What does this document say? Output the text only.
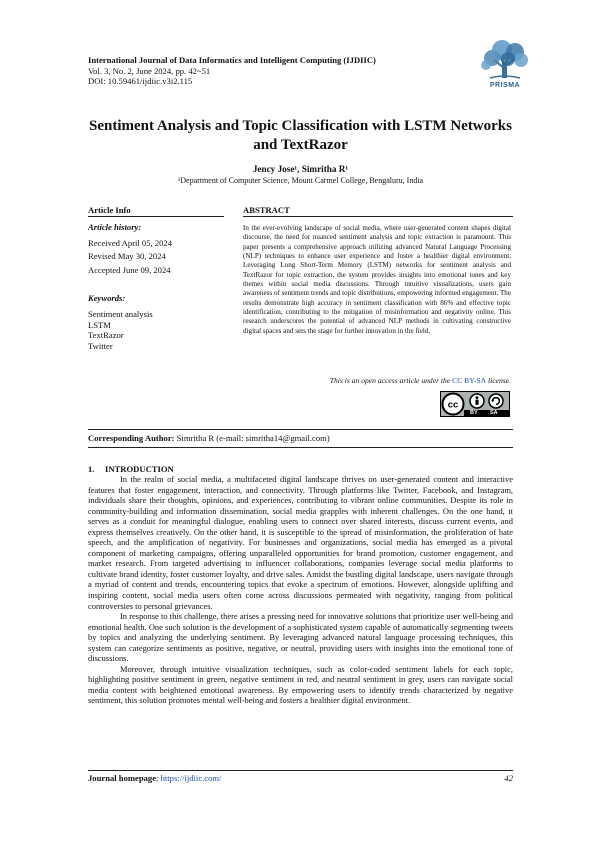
International Journal of Data Informatics and Intelligent Computing (IJDIIC)
Vol. 3, No. 2, June 2024, pp. 42~51
DOI: 10.59461/ijdiic.v3i2.115	PRISMA
Sentiment Analysis and Topic Classification with LSTM Networks and TextRazor
Jency Jose¹, Simritha R¹
¹Department of Computer Science, Mount Carmel College, Bengaluru, India
Article Info	ABSTRACT
Article history:
Received April 05, 2024
Revised May 30, 2024
Accepted June 09, 2024
Keywords:
Sentiment analysis
LSTM
TextRazor
Twitter
In the ever-evolving landscape of social media, where user-generated content shapes digital discourse, the need for nuanced sentiment analysis and topic extraction is paramount. This paper presents a comprehensive approach utilizing advanced Natural Language Processing (NLP) techniques to enhance user experience and foster a healthier digital environment. Leveraging Long Short-Term Memory (LSTM) networks for sentiment analysis and TextRazor for topic extraction, the system provides insights into emotional tones and key themes within social media discussions. Through intuitive visualizations, users gain awareness of sentiment trends and topic distributions, empowering informed engagement. The results demonstrate high accuracy in sentiment classification with 86% and effective topic identification, contributing to the mitigation of misinformation and negativity online. This research underscores the potential of advanced NLP methods in cultivating constructive digital spaces and sets the stage for further innovation in the field.
This is an open access article under the CC BY-SA license.
cc
BY SA
Corresponding Author: Simritha R (e-mail: simritha14@gmail.com)
1. INTRODUCTION

In the realm of social media, a multifaceted digital landscape thrives on user-generated content and interactive features that foster engagement, interaction, and connectivity. Through platforms like Twitter, Facebook, and Instagram, individuals share their thoughts, opinions, and experiences, contributing to vibrant online communities. Despite its role in community-building and information dissemination, social media grapples with inherent challenges. On the one hand, it serves as a conduit for meaningful dialogue, enabling users to connect over shared interests, discuss current events, and express themselves creatively. On the other hand, it is susceptible to the spread of misinformation, the proliferation of hate speech, and the amplification of negativity. For businesses and organizations, social media has emerged as a pivotal component of marketing campaigns, offering unparalleled opportunities for brand promotion, customer engagement, and market research. From targeted advertising to influencer collaborations, companies leverage social media platforms to cultivate brand identity, foster customer loyalty, and drive sales. Amidst the bustling digital landscape, users navigate through a myriad of content and trends, encountering topics that evoke a spectrum of emotions. However, alongside uplifting and inspiring content, social media users often come across discussions permeated with negativity, ranging from political controversies to personal grievances.

In response to this challenge, there arises a pressing need for innovative solutions that prioritize user well-being and emotional health. One such solution is the development of a sophisticated system capable of automatically segmenting tweets by topics and analyzing the underlying sentiment. By leveraging advanced natural language processing techniques, this system can categorize sentiments as positive, negative, or neutral, providing users with insights into the emotional tone of discussions.

Moreover, through intuitive visualization techniques, such as color-coded sentiment labels for each topic, highlighting positive sentiment in green, negative sentiment in red, and neutral sentiment in grey, users can navigate social media content with heightened emotional awareness. By empowering users to identify trends characterized by negative sentiment, this solution promotes mental well-being and fosters a healthier digital environment.

Journal homepage: https://ijdiic.com/	42
